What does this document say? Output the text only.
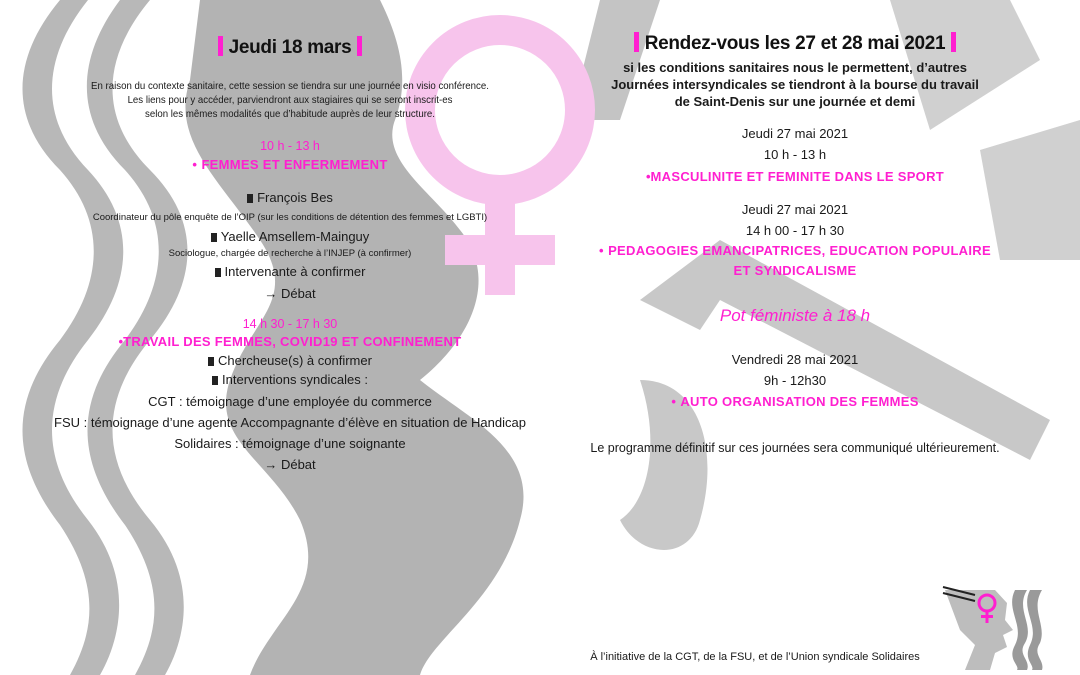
Jeudi 18 mars
En raison du contexte sanitaire, cette session se tiendra sur une journée en visio conférence.
Les liens pour y accéder, parviendront aux stagiaires qui se seront inscrit-es
selon les mêmes modalités que d’habitude auprès de leur structure.
10 h - 13 h
• FEMMES ET ENFERMEMENT
François Bes
Coordinateur du pôle enquête de l’OIP (sur les conditions de détention des femmes et LGBTI)
Yaelle Amsellem-Mainguy
Sociologue, chargée de recherche à l’INJEP (à confirmer)
Intervenante à confirmer
→ Débat
14 h 30 - 17 h 30
•TRAVAIL DES FEMMES, COVID19 ET CONFINEMENT
Chercheuse(s) à confirmer
Interventions syndicales :
CGT : témoignage d’une employée du commerce
FSU : témoignage d’une agente Accompagnante d’élève en situation de Handicap
Solidaires : témoignage d’une soignante
→ Débat
Rendez-vous les 27 et 28 mai 2021
si les conditions sanitaires nous le permettent, d’autres
Journées intersyndicales se tiendront à la bourse du travail
de Saint-Denis sur une journée et demi
Jeudi 27 mai 2021
10 h - 13 h
•MASCULINITE ET FEMINITE DANS LE SPORT
Jeudi 27 mai 2021
14 h 00 - 17 h 30
• PEDAGOGIES EMANCIPATRICES, EDUCATION POPULAIRE
ET SYNDICALISME
Pot féministe à 18 h
Vendredi 28 mai 2021
9h - 12h30
• AUTO ORGANISATION DES FEMMES
Le programme définitif sur ces journées sera communiqué ultérieurement.
À l’initiative de la CGT, de la FSU, et de l’Union syndicale Solidaires
